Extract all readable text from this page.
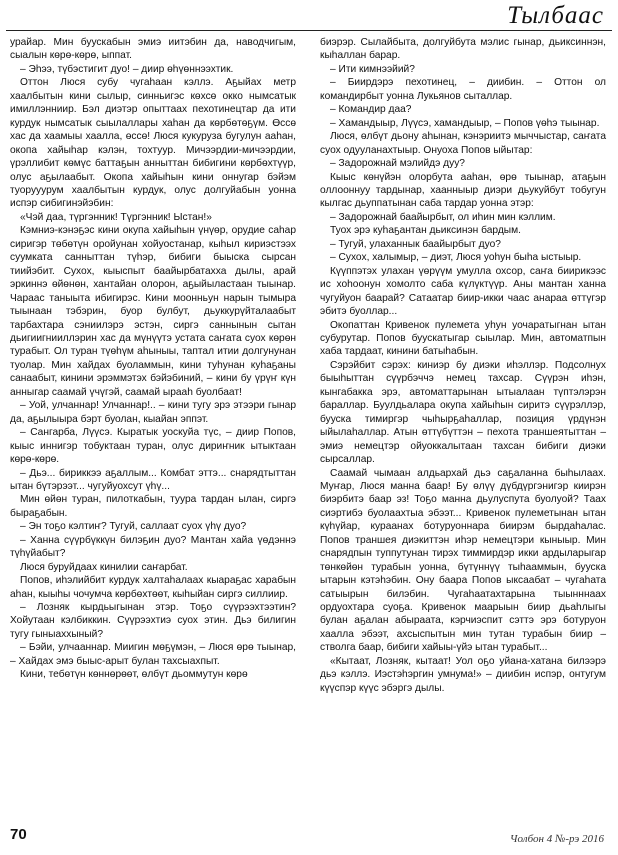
Тылбаас

урайар. Мин буускабын эмиэ иитэбин да, наводчигым, сыалын көрө-көрө, ыппат.

– Эһээ, түбэстигит дуо! – диир өһүөннээхтик.

Оттон Люся субу чугаһаан кэллэ. Аҕыйах метр хаалбытын кини сылыр, синньигэс көхсө окко нымсатык имиллэнниир. Бэл диэтэр опыттаах пехотинецтар да ити курдук нымсатык сыылаллары хаһан да көрбөтөҕүм. Өссө хас да хаамыы хаалла, өссө! Люся кукуруза бугулун ааһан, окопа хайыһар кэлэн, тохтуур. Мичээрдии-мичээрдии, үрэллибит көмүс баттаҕын анныттан бибигини көрбөхтүүр, олус аҕылаабыт. Окопа хайыһын кини оннугар бэйэм туорууурум хаалбытын курдук, олус долгуйабын уонна испэр сибигинэйэбин:

«Чэй даа, түргэнник! Түргэнник! Ыстан!»

Кэмниэ-кэнэҕэс кини окупа хайыһын үнүөр, орудие саһар сиригэр төбөтүн оройунан хойуостанар, кыһыл кириэстээх суумката санныттан түһэр, бибиги быыска сырсан тиийэбит. Сухох, кыыспыт баайырбатахха дылы, арай эркиннэ өйөнөн, хантайан олорон, аҕыйыластаан тыынар. Чараас таныыта ибигирэс. Кини моонньун нарын тымыра тыынаан тэбэрин, буор булбут, дьуккурүйталаабыт тарбахтара сэниилэрэ эстэн, сиргэ саннынын сытан дьигиигнииллэрин хас да мүнүүтэ устата саҥата суох көрөн турабыт. Ол туран түөһүм аһыныы, таптал итии долгунунан туолар. Мин хайдах буоламмын, кини туһунан куһаҕаны санаабыт, кинини эрэммэтэх бэйэбиний, – кини бу үрүҥ күн анныгар саамай үчүгэй, саамай ырааһ буолбаат!

– Уой, улчаннар! Улчаннар!.. – кини тугу эрэ этээри гынар да, аҕылыыра бэрт буолан, кыайан эппэт.

– Сангарба, Лүүсэ. Кыратык уоскуйа түс, – диир Попов, кыыс иннигэр тобуктаан туран, олус дириҥник ытыктаан көрө-көрө.

– Дьэ... бириккээ аҕаллым... Комбат эттэ... снарядтыттан ытан бүтэрээт... чугуйуохсут үһү...

Мин өйөн туран, пилоткабын, туура тардан ылан, сиргэ быраҕабын.

– Эн тоҕо кэлтиҥ? Тугуй, саллаат суох үһү дуо?

– Ханна сүүрбүккүн билэҕин дуо? Мантан хайа үөдэннэ түһүйабыт?

Люся буруйдаах кинилии саҥарбат.

Попов, иһэлийбит курдук халтаһалаах кыараҕас харабын аһан, кыыһы чочумча көрбөхтөөт, кыһыйан сиргэ силлиир.

– Лозняк кырдьыгынан этэр. Тоҕо сүүрээхтээтин? Хойутаан кэлбиккин. Сүүрээхтиэ суох этин. Дьэ билигин тугу гыныаххыный?

– Бэйи, улчааннар. Миигин мөҕүмэн, – Люся өрө тыынар, – Хайдах эмэ быыс-арыт булан тахсыахпыт.

Кини, тебөтүн көннөрөөт, өлбүт дьоммутун көрө

биэрэр. Сылайбыта, долгуйбута мэлис гынар, дьиксиннэн, кыһаллан барар.

– Ити кимнээйий?

– Биирдэрэ пехотинец, – диибин. – Оттон ол командирбыт уонна Лукьянов сыталлар.

– Командир даа?

– Хамандыыр, Лүүсэ, хамандыыр, – Попов үөһэ тыынар.

Люся, өлбүт дьону аһынан, кэнэриитэ мыччыстар, саҥата суох одууланахтыыр. Онуоха Попов ыйытар:

– Задорожнай мэлийдэ дуу?

Кыыс көнүйэн олорбута ааһан, өрө тыынар, атаҕын оллооннуу тардынар, хаанныыр диэри дьукуйбут тобугун кылгас дьуппатынан саба тардар уонна этэр:

– Задорожнай баайырбыт, ол иһин мин кэллим.

Туох эрэ куһаҕантан дьиксинэн бардым.

– Тугуй, улаханнык баайырбыт дуо?

– Сухох, халымыр, – диэт, Люся уоһун быһа ыстыыр.

Күүппэтэх улахан үөрүүм умулла охсор, саҥа биирикээс ис хоhоонун хомолто саба күлүктүүр. Аны мантан ханна чугуйуон баарай? Сатаатар биир-икки чаас анараа өттүгэр эбитэ буоллар...

Окопаттан Кривенок пулемета уһун уочаратыгнан ытан субурутар. Попов буускатыгар сыылар. Мин, автоматпын хаба тардаат, кинини батыһабын.

Сэрэйбит сэрэх: киниэр бу диэки иһэллэр. Подсолнух быыһыттан сүүрбэччэ немец тахсар. Сүүрэн иһэн, кынгабакка эрэ, автоматтарынан ытыалаан түптэлэрэн бараллар. Буулдьалара окупа хайыһын сиритэ сүүрэллэр, бууска тимиргэр чыһырҕаһаллар, позиция үрдүнэн ыйылаһаллар. Атын өттүбүттэн – пехота траншеятыттан – эмиэ немецтэр ойуоккалытаан тахсан бибиги диэки сырсаллар.

Саамай чымаан алдьархай дьэ саҕаланна быһылаах. Муҥар, Люся манна баар! Бу өлүү дүбдүргэнигэр киирэн биэрбитэ баар эз! Тоҕо манна дьулуспута буолуой? Таах сиэртибэ буолаахтыа эбээт... Кривенок пулеметынан ытан күһүйар, кураанах ботуруоннара биирэм бырдаһалас. Попов траншея диэкиттэн иһэр немецтэри кыныыр. Мин снарядпын туппутунан тирэх тиммирдэр икки ардыларыгар төнкөйөн турабын уонна, бүтүннүү тыһааммын, бууска ытарын кэтэһэбин. Ону баара Попов ыксаабат – чугаһата сатыырын билэбин. Чугаһаатахтарына тыынннаах ордуохтара суоҕа. Кривенок маарыын биир дьаһлыгы булан аҕалан абыраата, кэрчиэспит сэттэ эрэ ботуруон хаалла эбээт, ахсыспытын мин тутан турабын биир – стволга баар, бибиги хайыы-үйэ ытан турабыт...

«Кытаат, Лозняк, кытаат! Уол оҕо уйана-хатана билээрэ дьэ кэллэ. Иэстэһэргин умнума!» – диибин испэр, онтугум күүспэр күүс эбэргэ дылы.

70	Чолбон 4 №-рэ 2016
